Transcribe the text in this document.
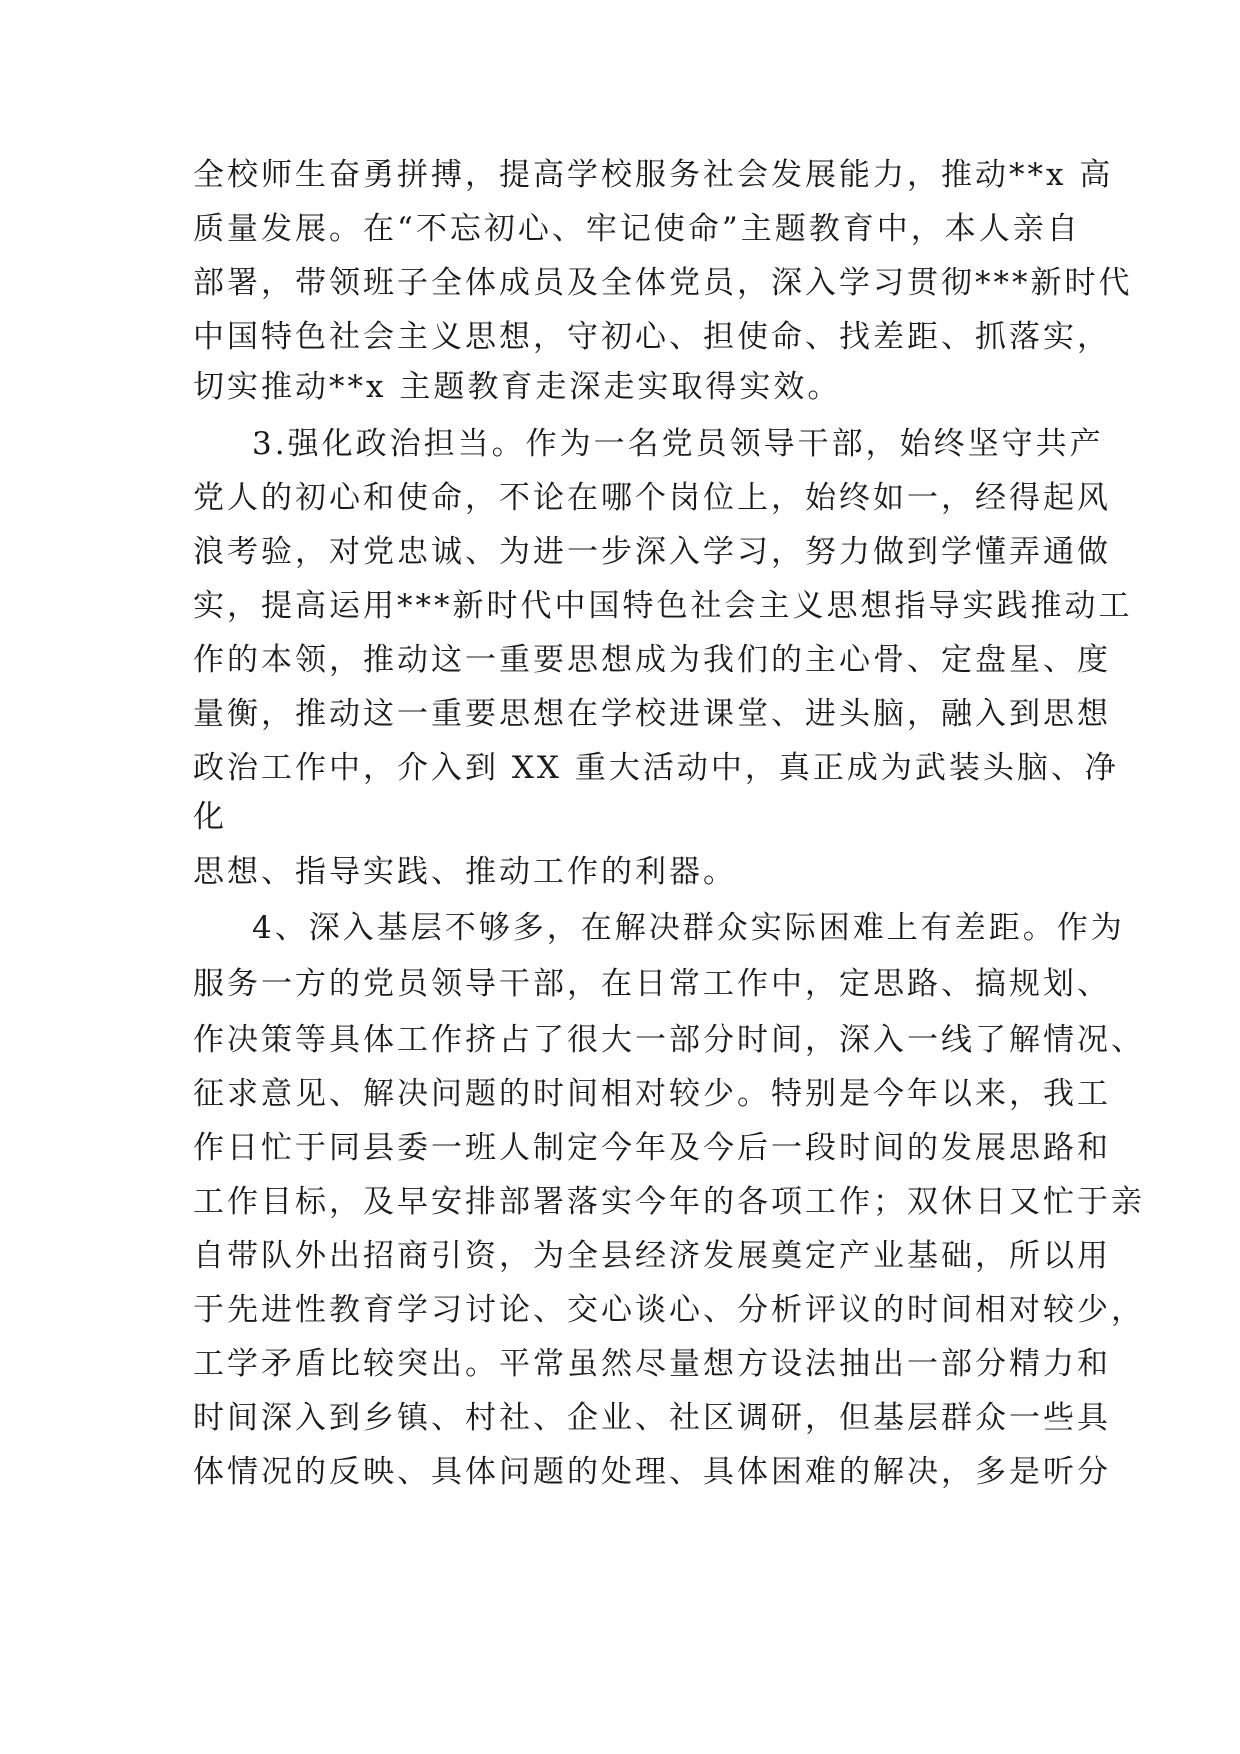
全校师生奋勇拼搏，提高学校服务社会发展能力，推动**x 高
质量发展。在“不忘初心、牢记使命”主题教育中，本人亲自
部署，带领班子全体成员及全体党员，深入学习贯彻***新时代
中国特色社会主义思想，守初心、担使命、找差距、抓落实，
切实推动**x 主题教育走深走实取得实效。
3.强化政治担当。作为一名党员领导干部，始终坚守共产
党人的初心和使命，不论在哪个岗位上，始终如一，经得起风
浪考验，对党忠诚、为进一步深入学习，努力做到学懂弄通做
实，提高运用***新时代中国特色社会主义思想指导实践推动工
作的本领，推动这一重要思想成为我们的主心骨、定盘星、度
量衡，推动这一重要思想在学校进课堂、进头脑，融入到思想
政治工作中，介入到 XX 重大活动中，真正成为武装头脑、净
化
思想、指导实践、推动工作的利器。
4、深入基层不够多，在解决群众实际困难上有差距。作为
服务一方的党员领导干部，在日常工作中，定思路、搞规划、
作决策等具体工作挤占了很大一部分时间，深入一线了解情况、
征求意见、解决问题的时间相对较少。特别是今年以来，我工
作日忙于同县委一班人制定今年及今后一段时间的发展思路和
工作目标，及早安排部署落实今年的各项工作；双休日又忙于亲
自带队外出招商引资，为全县经济发展奠定产业基础，所以用
于先进性教育学习讨论、交心谈心、分析评议的时间相对较少，
工学矛盾比较突出。平常虽然尽量想方设法抽出一部分精力和
时间深入到乡镇、村社、企业、社区调研，但基层群众一些具
体情况的反映、具体问题的处理、具体困难的解决，多是听分
